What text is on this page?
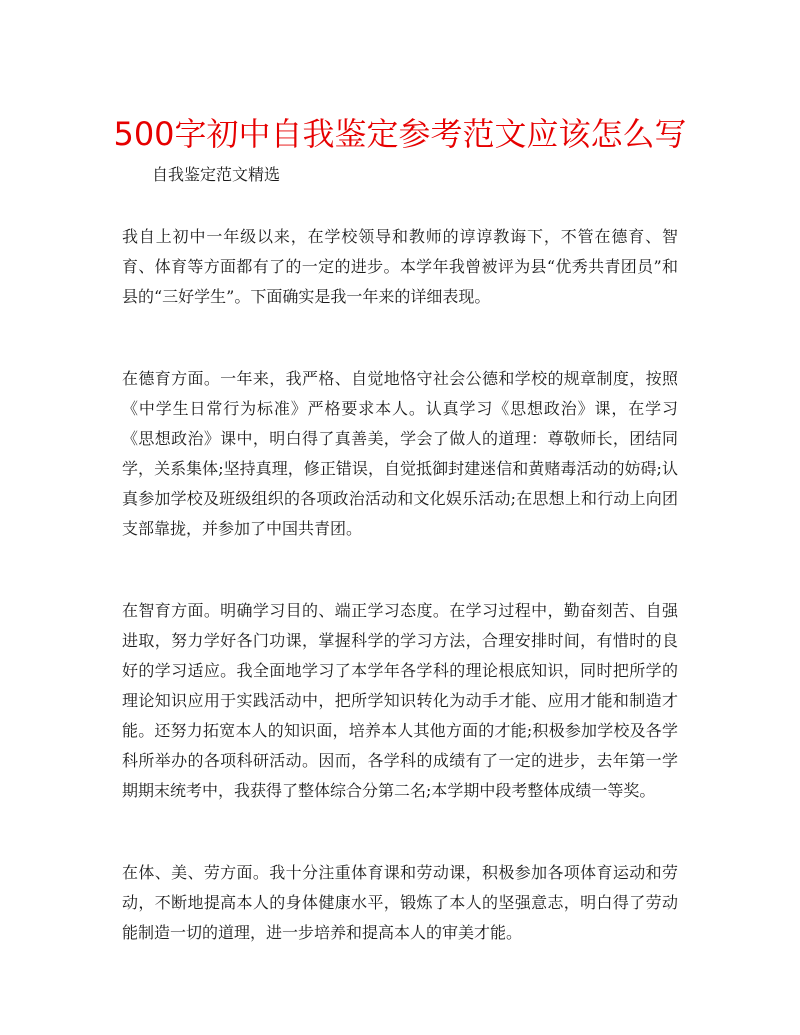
500字初中自我鉴定参考范文应该怎么写

自我鉴定范文精选

我自上初中一年级以来，在学校领导和教师的谆谆教诲下，不管在德育、智育、体育等方面都有了的一定的进步。本学年我曾被评为县“优秀共青团员”和县的“三好学生”。下面确实是我一年来的详细表现。

在德育方面。一年来，我严格、自觉地恪守社会公德和学校的规章制度，按照《中学生日常行为标准》严格要求本人。认真学习《思想政治》课，在学习《思想政治》课中，明白得了真善美，学会了做人的道理：尊敬师长，团结同学，关系集体;坚持真理，修正错误，自觉抵御封建迷信和黄赌毒活动的妨碍;认真参加学校及班级组织的各项政治活动和文化娱乐活动;在思想上和行动上向团支部靠拢，并参加了中国共青团。

在智育方面。明确学习目的、端正学习态度。在学习过程中，勤奋刻苦、自强进取，努力学好各门功课，掌握科学的学习方法，合理安排时间，有惜时的良好的学习适应。我全面地学习了本学年各学科的理论根底知识，同时把所学的理论知识应用于实践活动中，把所学知识转化为动手才能、应用才能和制造才能。还努力拓宽本人的知识面，培养本人其他方面的才能;积极参加学校及各学科所举办的各项科研活动。因而，各学科的成绩有了一定的进步，去年第一学期期末统考中，我获得了整体综合分第二名;本学期中段考整体成绩一等奖。

在体、美、劳方面。我十分注重体育课和劳动课，积极参加各项体育运动和劳动，不断地提高本人的身体健康水平，锻炼了本人的坚强意志，明白得了劳动能制造一切的道理，进一步培养和提高本人的审美才能。
